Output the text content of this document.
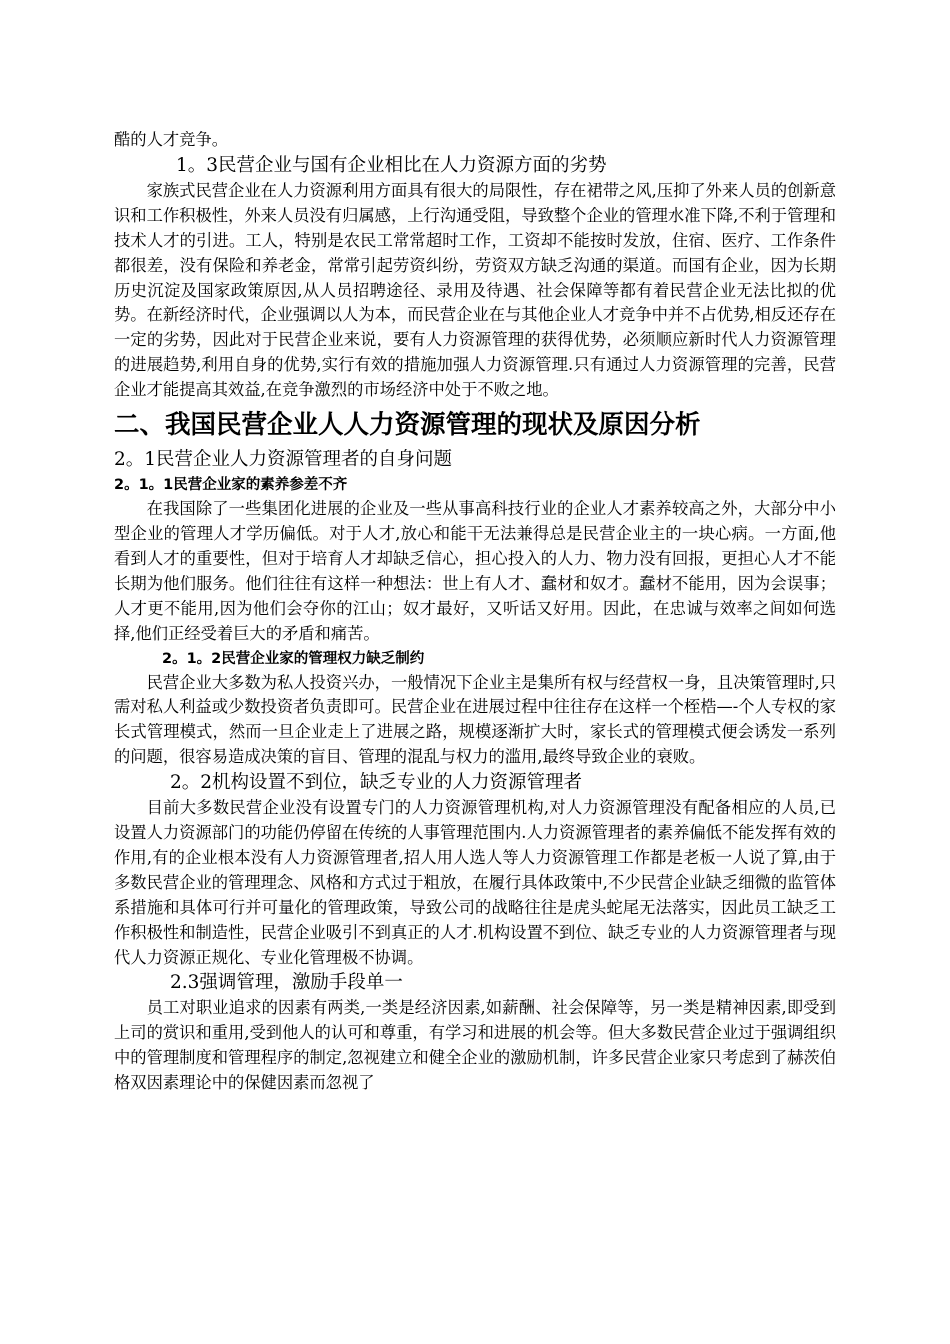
酷的人才竞争。

1。3民营企业与国有企业相比在人力资源方面的劣势

家族式民营企业在人力资源利用方面具有很大的局限性，存在裙带之风,压抑了外来人员的创新意识和工作积极性，外来人员没有归属感，上行沟通受阻，导致整个企业的管理水准下降,不利于管理和技术人才的引进。工人，特别是农民工常常超时工作，工资却不能按时发放，住宿、医疗、工作条件都很差，没有保险和养老金，常常引起劳资纠纷，劳资双方缺乏沟通的渠道。而国有企业，因为长期历史沉淀及国家政策原因,从人员招聘途径、录用及待遇、社会保障等都有着民营企业无法比拟的优势。在新经济时代，企业强调以人为本，而民营企业在与其他企业人才竞争中并不占优势,相反还存在一定的劣势，因此对于民营企业来说，要有人力资源管理的获得优势，必须顺应新时代人力资源管理的进展趋势,利用自身的优势,实行有效的措施加强人力资源管理.只有通过人力资源管理的完善，民营企业才能提高其效益,在竞争激烈的市场经济中处于不败之地。

二、我国民营企业人人力资源管理的现状及原因分析
2。1民营企业人力资源管理者的自身问题
2。1。1民营企业家的素养参差不齐

在我国除了一些集团化进展的企业及一些从事高科技行业的企业人才素养较高之外，大部分中小型企业的管理人才学历偏低。对于人才,放心和能干无法兼得总是民营企业主的一块心病。一方面,他看到人才的重要性，但对于培育人才却缺乏信心，担心投入的人力、物力没有回报，更担心人才不能长期为他们服务。他们往往有这样一种想法：世上有人才、蠢材和奴才。蠢材不能用，因为会误事；人才更不能用,因为他们会夺你的江山；奴才最好，又听话又好用。因此，在忠诚与效率之间如何选择,他们正经受着巨大的矛盾和痛苦。

2。1。2民营企业家的管理权力缺乏制约

民营企业大多数为私人投资兴办，一般情况下企业主是集所有权与经营权一身，且决策管理时,只需对私人利益或少数投资者负责即可。民营企业在进展过程中往往存在这样一个桎梏—-个人专权的家长式管理模式，然而一旦企业走上了进展之路，规模逐渐扩大时，家长式的管理模式便会诱发一系列的问题，很容易造成决策的盲目、管理的混乱与权力的滥用,最终导致企业的衰败。

2。2机构设置不到位，缺乏专业的人力资源管理者

目前大多数民营企业没有设置专门的人力资源管理机构,对人力资源管理没有配备相应的人员,已设置人力资源部门的功能仍停留在传统的人事管理范围内.人力资源管理者的素养偏低不能发挥有效的作用,有的企业根本没有人力资源管理者,招人用人选人等人力资源管理工作都是老板一人说了算,由于多数民营企业的管理理念、风格和方式过于粗放，在履行具体政策中,不少民营企业缺乏细微的监管体系措施和具体可行并可量化的管理政策，导致公司的战略往往是虎头蛇尾无法落实，因此员工缺乏工作积极性和制造性，民营企业吸引不到真正的人才.机构设置不到位、缺乏专业的人力资源管理者与现代人力资源正规化、专业化管理极不协调。

2.3强调管理，激励手段单一

员工对职业追求的因素有两类,一类是经济因素,如薪酬、社会保障等，另一类是精神因素,即受到上司的赏识和重用,受到他人的认可和尊重，有学习和进展的机会等。但大多数民营企业过于强调组织中的管理制度和管理程序的制定,忽视建立和健全企业的激励机制，许多民营企业家只考虑到了赫茨伯格双因素理论中的保健因素而忽视了
